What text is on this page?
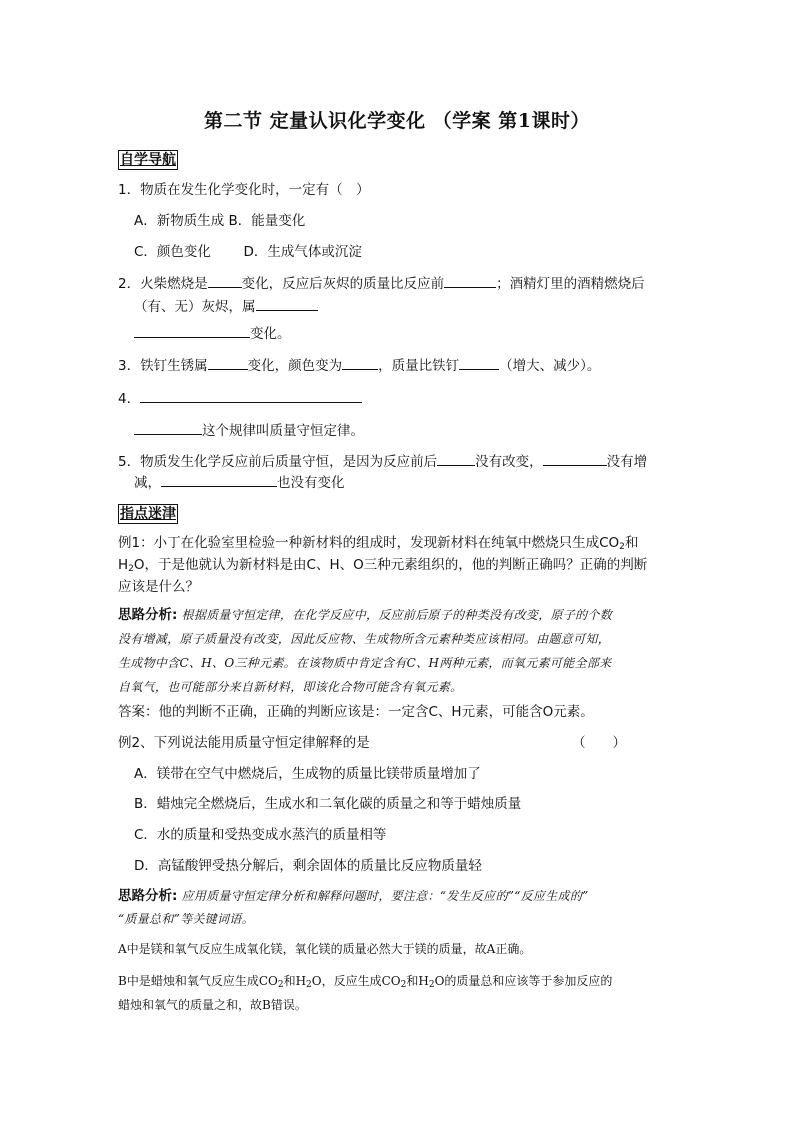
第二节 定量认识化学变化 （学案 第1课时）
自学导航
1．物质在发生化学变化时，一定有（　）
A．新物质生成 B．能量变化
C．颜色变化 D．生成气体或沉淀
2．火柴燃烧是	变化，反应后灰烬的质量比反应前	；酒精灯里的酒精燃烧后
（有、无）灰烬，属
变化。
3．铁钉生锈属	变化，颜色变为	，质量比铁钉	（增大、减少）。
4．
这个规律叫质量守恒定律。
5．物质发生化学反应前后质量守恒，是因为反应前后	没有改变，	没有增
减，	也没有变化
指点迷津
例1：小丁在化验室里检验一种新材料的组成时，发现新材料在纯氧中燃烧只生成$CO_2$和
$H_2O$，于是他就认为新材料是由C、H、O三种元素组织的，他的判断正确吗？正确的判断
应该是什么？
思路分析: 根据质量守恒定律，在化学反应中，反应前后原子的种类没有改变，原子的个数
没有增减，原子质量没有改变，因此反应物、生成物所含元素种类应该相同。由题意可知，
生成物中含C、H、O三种元素。在该物质中肯定含有C、H两种元素，而氧元素可能全部来
自氧气，也可能部分来自新材料，即该化合物可能含有氧元素。
答案：他的判断不正确，正确的判断应该是：一定含C、H元素，可能含O元素。
例2、下列说法能用质量守恒定律解释的是	（　　）
A．镁带在空气中燃烧后，生成物的质量比镁带质量增加了
B．蜡烛完全燃烧后，生成水和二氧化碳的质量之和等于蜡烛质量
C．水的质量和受热变成水蒸汽的质量相等
D．高锰酸钾受热分解后，剩余固体的质量比反应物质量轻
思路分析: 应用质量守恒定律分析和解释问题时，要注意：“发生反应的”“反应生成的”
“质量总和”等关键词语。
A中是镁和氧气反应生成氧化镁，氧化镁的质量必然大于镁的质量，故A正确。
B中是蜡烛和氧气反应生成$CO_2$和$H_2O$，反应生成$CO_2$和$H_2O$的质量总和应该等于参加反应的
蜡烛和氧气的质量之和，故B错误。
